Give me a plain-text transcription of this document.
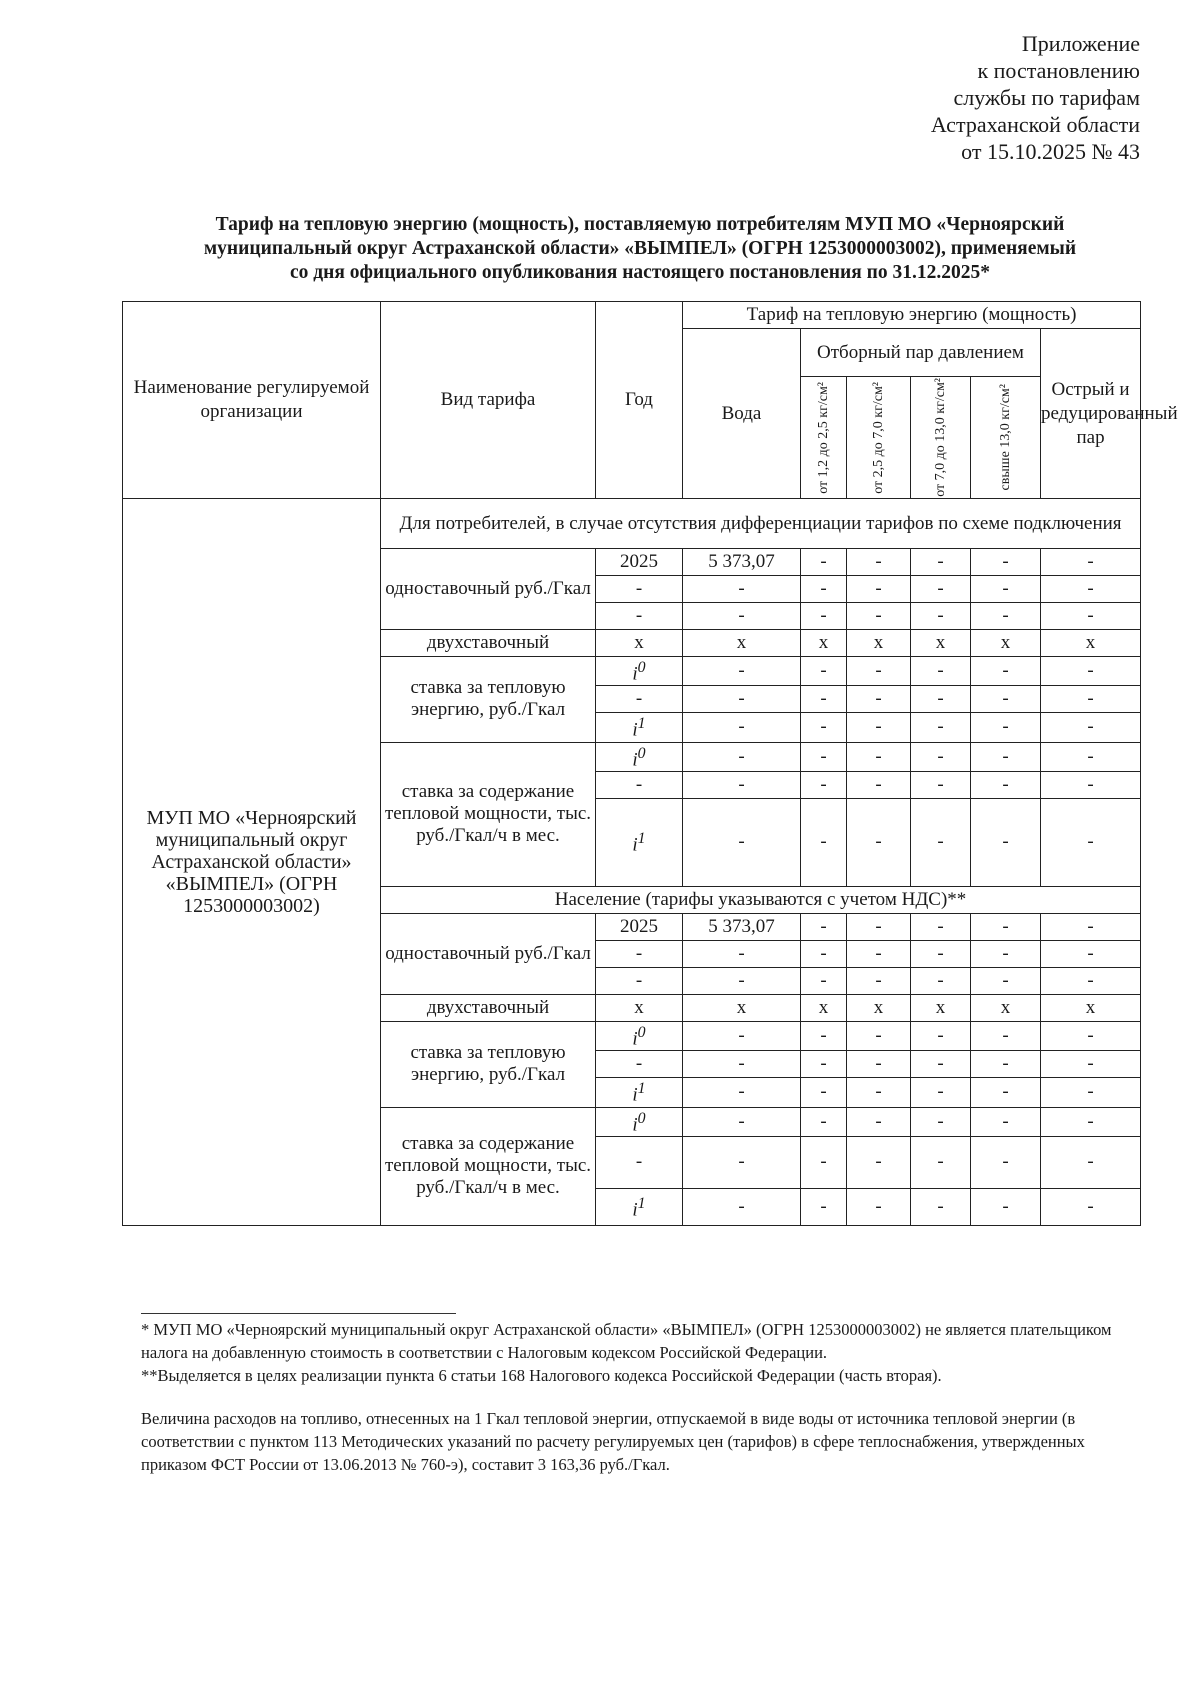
Приложение
к постановлению
службы по тарифам
Астраханской области
от 15.10.2025 № 43
Тариф на тепловую энергию (мощность), поставляемую потребителям МУП МО «Черноярский
муниципальный округ Астраханской области» «ВЫМПЕЛ» (ОГРН 1253000003002), применяемый
со дня официального опубликования настоящего постановления по 31.12.2025*
Наименование регулируемой организации	Вид тарифа	Год	Тариф на тепловую энергию (мощность)					
			Вода	Отборный пар давлением				Острый и редуцированный пар

				от 1,2 до 2,5 кг/см²	от 2,5 до 7,0 кг/см²	от 7,0 до 13,0 кг/см²	свыше 13,0 кг/см²	

МУП МО «Черноярский муниципальный округ Астраханской области» «ВЫМПЕЛ» (ОГРН 1253000003002)	Для потребителей, в случае отсутствия дифференциации тарифов по схеме подключения							
	одноставочный руб./Гкал	2025	5 373,07	-	-	-	-	-
		-	-	-	-	-	-	-
		-	-	-	-	-	-	-
	двухставочный	x	x	x	x	x	x	x
	ставка за тепловую энергию, руб./Гкал	$i^0$	-	-	-	-	-	-
		-	-	-	-	-	-	-
		$i^1$	-	-	-	-	-	-
	ставка за содержание тепловой мощности, тыс. руб./Гкал/ч в мес.	$i^0$	-	-	-	-	-	-
		-	-	-	-	-	-	-
		$i^1$	-	-	-	-	-	-
	Население (тарифы указываются с учетом НДС)**							
	одноставочный руб./Гкал	2025	5 373,07	-	-	-	-	-
		-	-	-	-	-	-	-
		-	-	-	-	-	-	-
	двухставочный	x	x	x	x	x	x	x
	ставка за тепловую энергию, руб./Гкал	$i^0$	-	-	-	-	-	-
		-	-	-	-	-	-	-
		$i^1$	-	-	-	-	-	-
	ставка за содержание тепловой мощности, тыс. руб./Гкал/ч в мес.	$i^0$	-	-	-	-	-	-
		-	-	-	-	-	-	-
		$i^1$	-	-	-	-	-	-

* МУП МО «Черноярский муниципальный округ Астраханской области» «ВЫМПЕЛ» (ОГРН 1253000003002) не является плательщиком налога на добавленную стоимость в соответствии с Налоговым кодексом Российской Федерации.

**Выделяется в целях реализации пункта 6 статьи 168 Налогового кодекса Российской Федерации (часть вторая).

Величина расходов на топливо, отнесенных на 1 Гкал тепловой энергии, отпускаемой в виде воды от источника тепловой энергии (в соответствии с пунктом 113 Методических указаний по расчету регулируемых цен (тарифов) в сфере теплоснабжения, утвержденных приказом ФСТ России от 13.06.2013 № 760-э), составит 3 163,36 руб./Гкал.
